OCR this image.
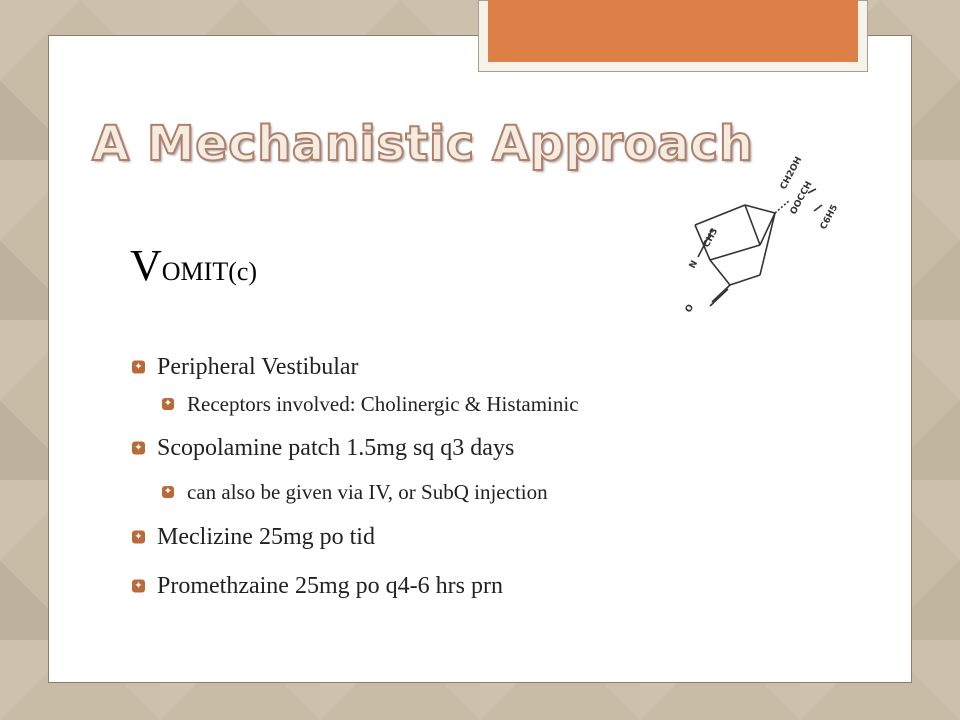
A Mechanistic Approach
CH3
N
O
CH2OH
OOCCH
C6H5
VOMIT(c)
✦ Peripheral Vestibular
✦ Receptors involved: Cholinergic & Histaminic
✦ Scopolamine patch 1.5mg sq q3 days
✦ can also be given via IV, or SubQ injection
✦ Meclizine 25mg po tid
✦ Promethzaine 25mg po q4-6 hrs prn
